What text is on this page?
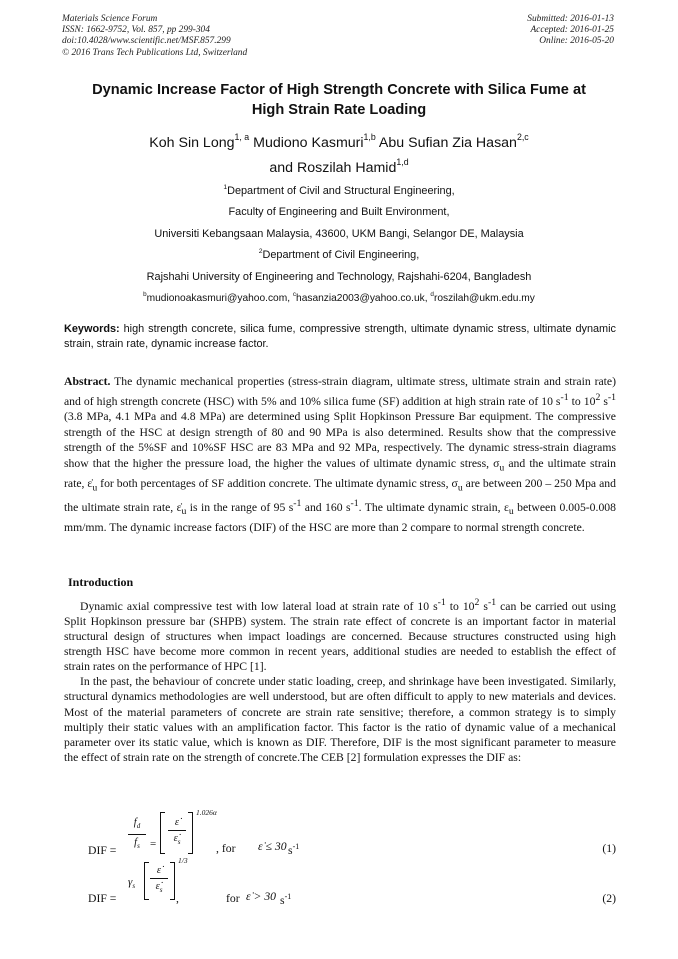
Materials Science Forum
ISSN: 1662-9752, Vol. 857, pp 299-304
doi:10.4028/www.scientific.net/MSF.857.299
© 2016 Trans Tech Publications Ltd, Switzerland
Submitted: 2016-01-13
Accepted: 2016-01-25
Online: 2016-05-20
Dynamic Increase Factor of High Strength Concrete with Silica Fume at
High Strain Rate Loading
Koh Sin Long$^{1, a}$ Mudiono Kasmuri$^{1,b}$ Abu Sufian Zia Hasan$^{2,c}$
and Roszilah Hamid$^{1,d}$
$^1$Department of Civil and Structural Engineering,
Faculty of Engineering and Built Environment,
Universiti Kebangsaan Malaysia, 43600, UKM Bangi, Selangor DE, Malaysia
$^2$Department of Civil Engineering,
Rajshahi University of Engineering and Technology, Rajshahi-6204, Bangladesh
$^b$mudionoakasmuri@yahoo.com, $^c$hasanzia2003@yahoo.co.uk, $^d$roszilah@ukm.edu.my
Keywords: high strength concrete, silica fume, compressive strength, ultimate dynamic stress, ultimate dynamic strain, strain rate, dynamic increase factor.
Abstract. The dynamic mechanical properties (stress-strain diagram, ultimate stress, ultimate strain and strain rate) and of high strength concrete (HSC) with 5% and 10% silica fume (SF) addition at high strain rate of 10 $s^{-1}$ to $10^2$ $s^{-1}$ (3.8 MPa, 4.1 MPa and 4.8 MPa) are determined using Split Hopkinson Pressure Bar equipment. The compressive strength of the HSC at design strength of 80 and 90 MPa is also determined. Results show that the compressive strength of the 5%SF and 10%SF HSC are 83 MPa and 92 MPa, respectively. The dynamic stress-strain diagrams show that the higher the pressure load, the higher the values of ultimate dynamic stress, $\sigma_u$ and the ultimate strain rate, $\varepsiloṅ_u$ for both percentages of SF addition concrete. The ultimate dynamic stress, $\sigma_u$ are between 200 – 250 Mpa and the ultimate strain rate, $\varepsiloṅ_u$ is in the range of 95 $s^{-1}$ and 160 $s^{-1}$. The ultimate dynamic strain, $\varepsilon_u$ between 0.005-0.008 mm/mm. The dynamic increase factors (DIF) of the HSC are more than 2 compare to normal strength concrete.
Introduction

Dynamic axial compressive test with low lateral load at strain rate of 10 $s^{-1}$ to $10^2$ $s^{-1}$ can be carried out using Split Hopkinson pressure bar (SHPB) system. The strain rate effect of concrete is an important factor in material structural design of structures when impact loadings are concerned. Because structures constructed using high strength HSC have become more common in recent years, additional studies are needed to establish the effect of strain rates on the performance of HPC [1].

In the past, the behaviour of concrete under static loading, creep, and shrinkage have been investigated. Similarly, structural dynamics methodologies are well understood, but are often difficult to apply to new materials and devices. Most of the material parameters of concrete are strain rate sensitive; therefore, a common strategy is to simply multiply their static values with an amplification factor. This factor is the ratio of dynamic value of a mechanical parameter over its static value, which is known as DIF. Therefore, DIF is the most significant parameter to measure the effect of strain rate on the strength of concrete.The CEB [2] formulation expresses the DIF as:

DIF =
$f_d$
$f_s$ =
ε̇
$\varepsiloṅ_s$
1.026α
, for ε̇ ≤ 30 $s^{-1}$	(1)
DIF =
$\gamma_s$
ε̇
$\varepsiloṅ_s$
1/3
,	for ε̇ > 30 $s^{-1}$	(2)
